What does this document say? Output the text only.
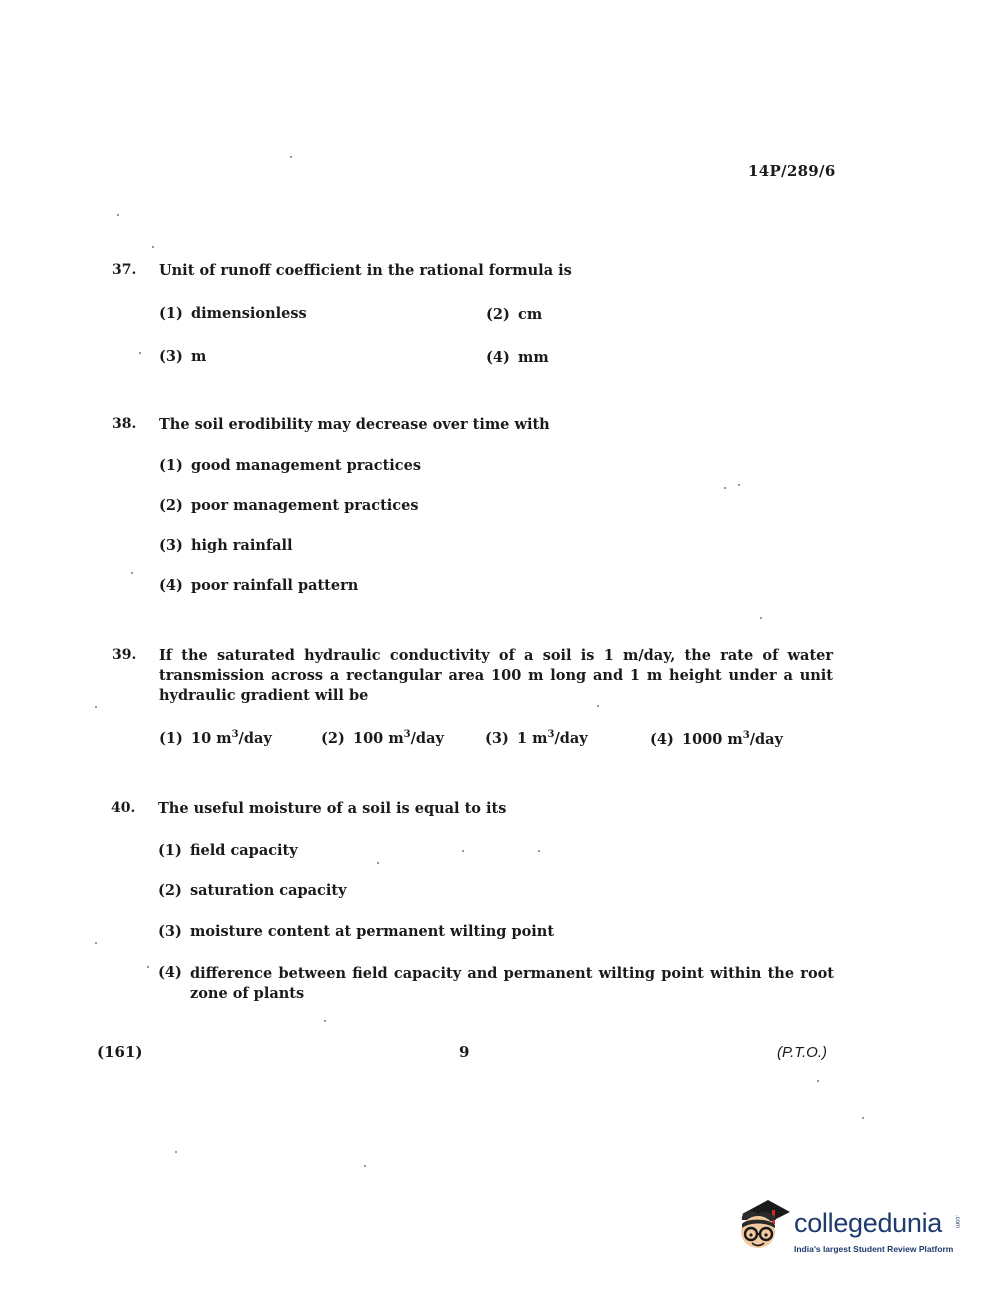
14P/289/6
37.	Unit of runoff coefficient in the rational formula is
(1) dimensionless	(2) cm
(3) m	(4) mm
38.	The soil erodibility may decrease over time with
(1) good management practices
(2) poor management practices
(3) high rainfall
(4) poor rainfall pattern
39.	If the saturated hydraulic conductivity of a soil is 1 m/day, the rate of water transmission across a rectangular area 100 m long and 1 m height under a unit hydraulic gradient will be
(1) 10 $m^3$/day	(2) 100 $m^3$/day	(3) 1 $m^3$/day	(4) 1000 $m^3$/day
40.	The useful moisture of a soil is equal to its
(1) field capacity
(2) saturation capacity
(3) moisture content at permanent wilting point
(4) difference between field capacity and permanent wilting point within the root zone of plants
(161)	9	(P.T.O.)
collegedunia .com
India's largest Student Review Platform
